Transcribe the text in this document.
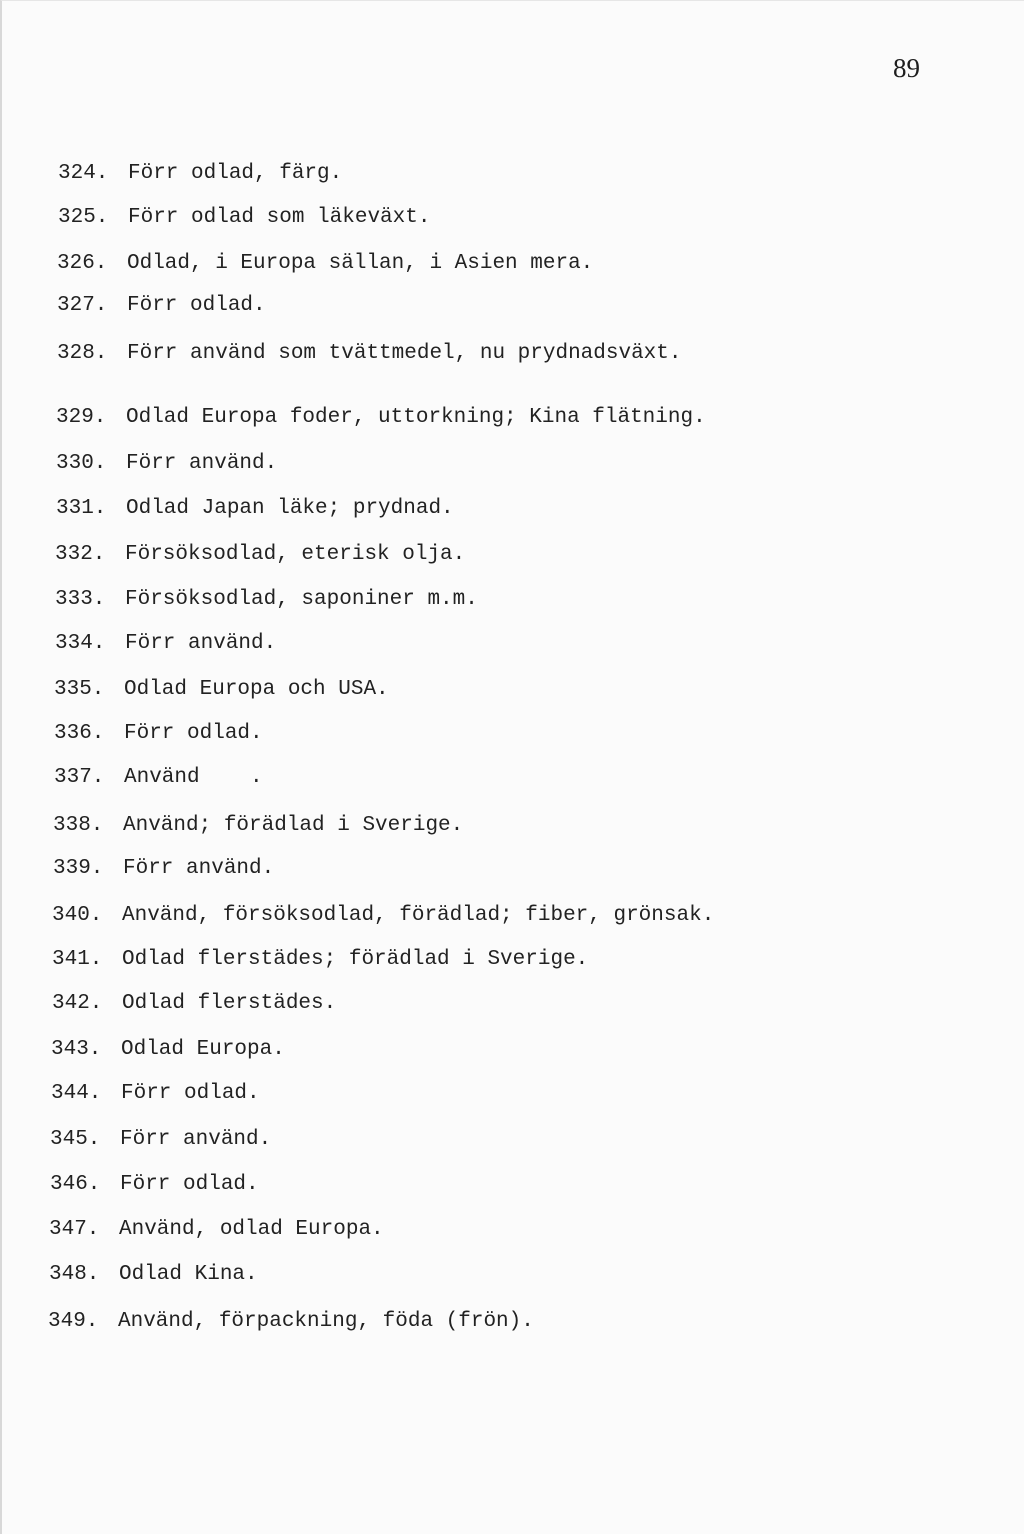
89
324. Förr odlad, färg.
325. Förr odlad som läkeväxt.
326. Odlad, i Europa sällan, i Asien mera.
327. Förr odlad.
328. Förr använd som tvättmedel, nu prydnadsväxt.
329. Odlad Europa foder, uttorkning; Kina flätning.
330. Förr använd.
331. Odlad Japan läke; prydnad.
332. Försöksodlad, eterisk olja.
333. Försöksodlad, saponiner m.m.
334. Förr använd.
335. Odlad Europa och USA.
336. Förr odlad.
337. Använd    .
338. Använd; förädlad i Sverige.
339. Förr använd.
340. Använd, försöksodlad, förädlad; fiber, grönsak.
341. Odlad flerstädes; förädlad i Sverige.
342. Odlad flerstädes.
343. Odlad Europa.
344. Förr odlad.
345. Förr använd.
346. Förr odlad.
347. Använd, odlad Europa.
348. Odlad Kina.
349. Använd, förpackning, föda (frön).
